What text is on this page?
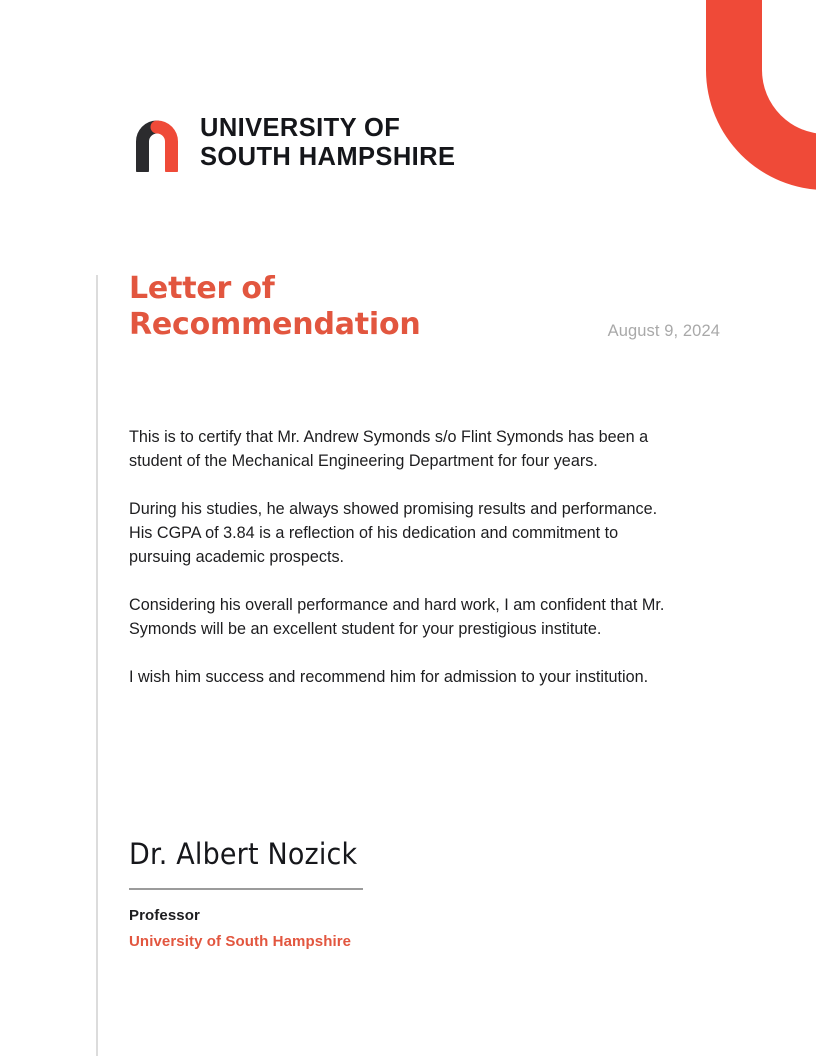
UNIVERSITY OF
SOUTH HAMPSHIRE
Letter of
Recommendation	August 9, 2024

This is to certify that Mr. Andrew Symonds s/o Flint Symonds has been a student of the Mechanical Engineering Department for four years.

During his studies, he always showed promising results and performance. His CGPA of 3.84 is a reflection of his dedication and commitment to pursuing academic prospects.

Considering his overall performance and hard work, I am confident that Mr. Symonds will be an excellent student for your prestigious institute.

I wish him success and recommend him for admission to your institution.

Dr. Albert Nozick
Professor
University of South Hampshire
